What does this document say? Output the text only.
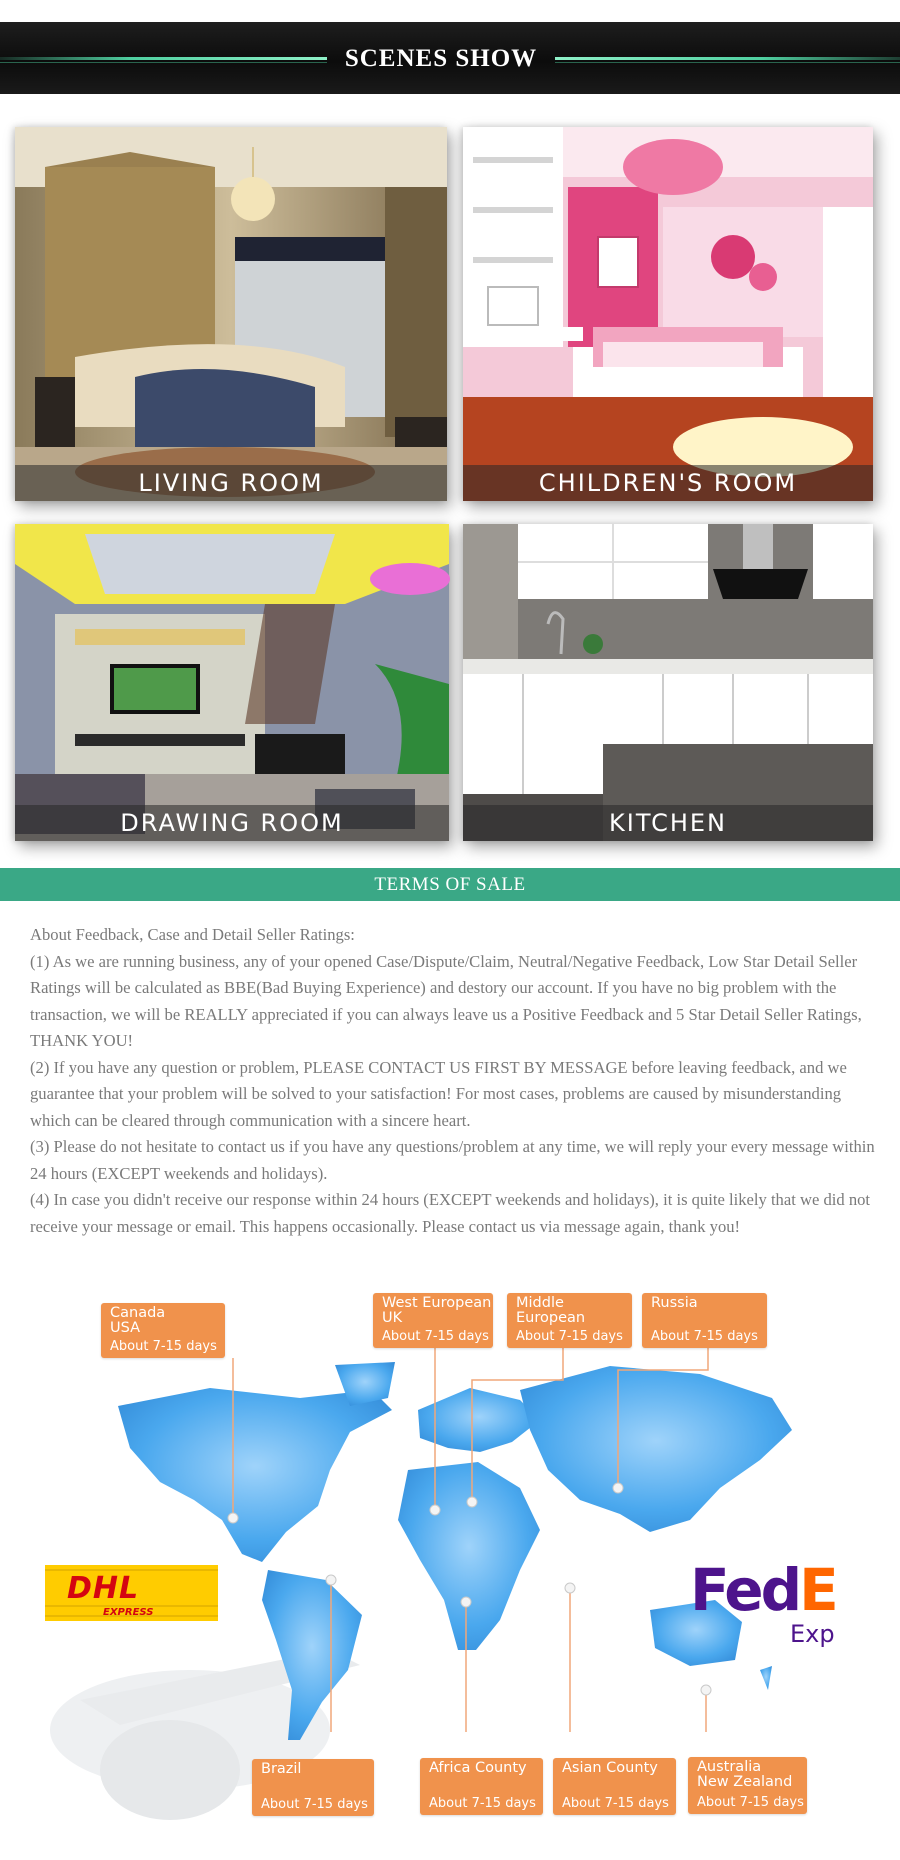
SCENES SHOW
LIVING ROOM	CHILDREN'S ROOM
DRAWING ROOM	KITCHEN
TERMS OF SALE

About Feedback, Case and Detail Seller Ratings:

(1) As we are running business, any of your opened Case/Dispute/Claim, Neutral/Negative Feedback, Low Star Detail Seller Ratings will be calculated as BBE(Bad Buying Experience) and destory our account. If you have no big problem with the transaction, we will be REALLY appreciated if you can always leave us a Positive Feedback and 5 Star Detail Seller Ratings, THANK YOU!

(2) If you have any question or problem, PLEASE CONTACT US FIRST BY MESSAGE before leaving feedback, and we guarantee that your problem will be solved to your satisfaction! For most cases, problems are caused by misunderstanding which can be cleared through communication with a sincere heart.

(3) Please do not hesitate to contact us if you have any questions/problem at any time, we will reply your every message within 24 hours (EXCEPT weekends and holidays).

(4) In case you didn't receive our response within 24 hours (EXCEPT weekends and holidays), it is quite likely that we did not receive your message or email. This happens occasionally. Please contact us via message again, thank you!

Canada
USA
About 7-15 days
West European
UK
About 7-15 days
Middle European
About 7-15 days
Russia
About 7-15 days
Brazil
About 7-15 days
Africa County
About 7-15 days
Asian County
About 7-15 days
Australia
New Zealand
About 7-15 days
DHL
EXPRESS	FedE
Exp
